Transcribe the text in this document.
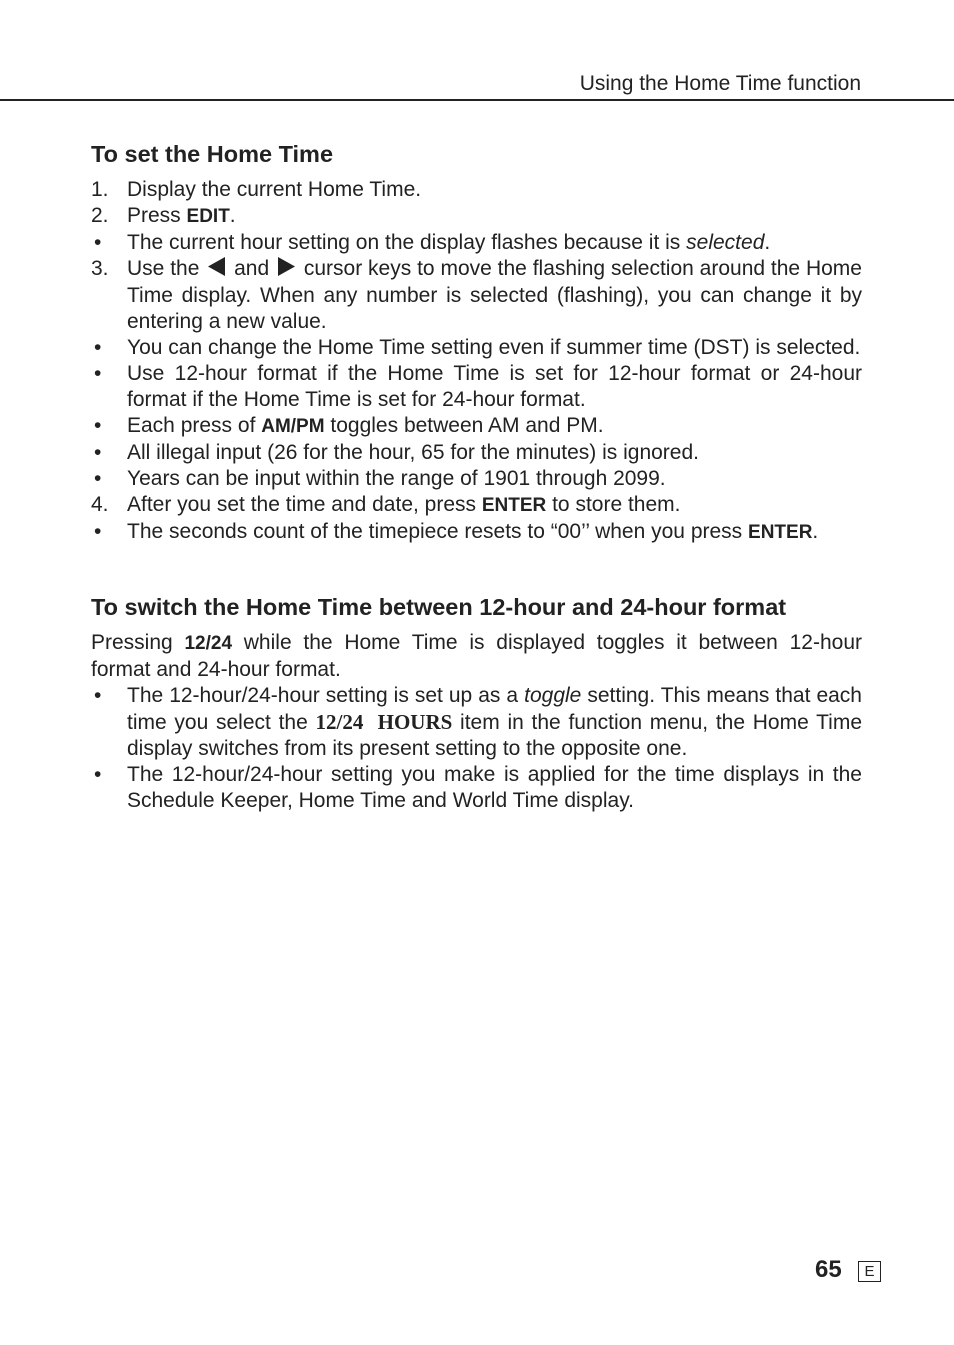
Using the Home Time function
To set the Home Time
1. Display the current Home Time.
2. Press EDIT.
• The current hour setting on the display flashes because it is selected.
3. Use the  and  cursor keys to move the flashing selection around the Home Time display. When any number is selected (flashing), you can change it by entering a new value.
• You can change the Home Time setting even if summer time (DST) is selected.
• Use 12-hour format if the Home Time is set for 12-hour format or 24-hour format if the Home Time is set for 24-hour format.
• Each press of AM/PM toggles between AM and PM.
• All illegal input (26 for the hour, 65 for the minutes) is ignored.
• Years can be input within the range of 1901 through 2099.
4. After you set the time and date, press ENTER to store them.
• The seconds count of the timepiece resets to “00’’ when you press ENTER.
To switch the Home Time between 12-hour and 24-hour format

Pressing 12/24 while the Home Time is displayed toggles it between 12-hour format and 24-hour format.

• The 12-hour/24-hour setting is set up as a toggle setting. This means that each time you select the 12/24  HOURS item in the function menu, the Home Time display switches from its present setting to the opposite one.
• The 12-hour/24-hour setting you make is applied for the time displays in the Schedule Keeper, Home Time and World Time display.
65	E
